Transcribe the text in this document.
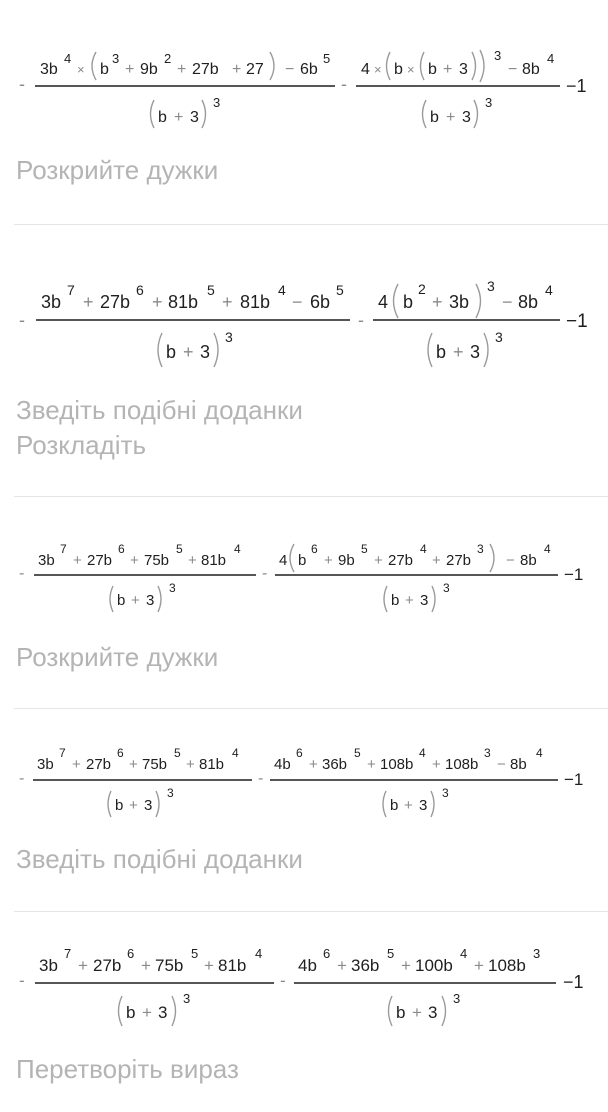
-
3b
4
× b
3
+ 9b
2
+ 27b + 27 − 6b
5
b + 3
3
-
4 × b × b + 3
3
− 8b
4
b + 3
3
−1
Розкрийте дужки
-
3b
7
+ 27b
6
+ 81b
5
+ 81b
4
− 6b
5
b + 3
3
-
4 b
2
+ 3b
3
− 8b
4
b + 3
3
−1
Зведіть подібні доданки
Розкладіть
-
3b
7
+ 27b
6
+ 75b
5
+ 81b
4
b + 3
3
-
4 b
6
+ 9b
5
+ 27b
4
+ 27b
3
− 8b
4
b + 3
3
−1
Розкрийте дужки
-
3b
7
+ 27b
6
+ 75b
5
+ 81b
4
b + 3
3
-
4b
6
+ 36b
5
+ 108b
4
+ 108b
3
− 8b
4
b + 3
3
−1
Зведіть подібні доданки
-
3b
7
+ 27b
6
+ 75b
5
+ 81b
4
b + 3
3
-
4b
6
+ 36b
5
+ 100b
4
+ 108b
3
b + 3
3
−1
Перетворіть вираз
